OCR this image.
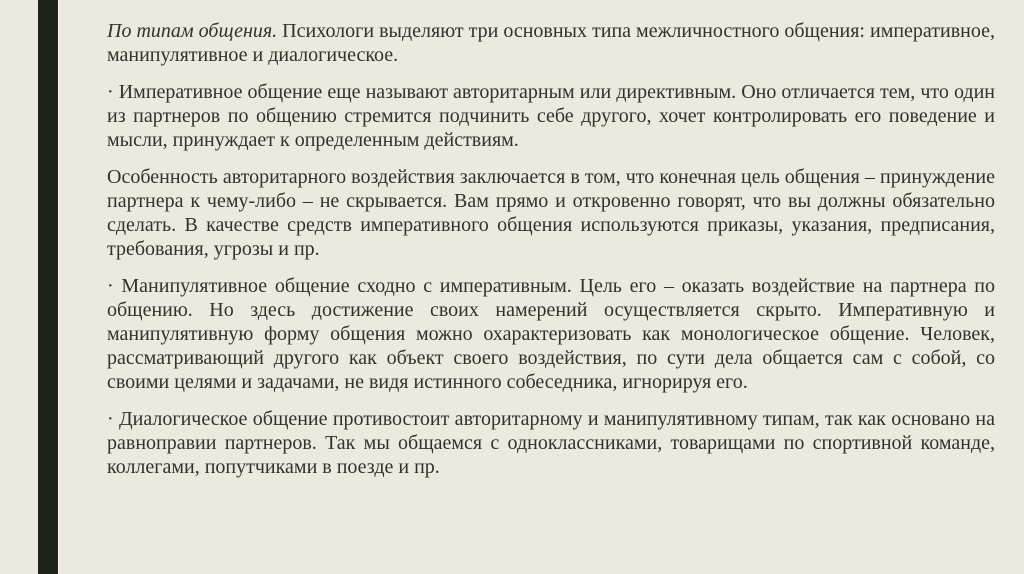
По типам общения. Психологи выделяют три основных типа межличностного общения: императивное, манипулятивное и диалогическое.

· Императивное общение еще называют авторитарным или директивным. Оно отличается тем, что один из партнеров по общению стремится подчинить себе другого, хочет контролировать его поведение и мысли, принуждает к определенным действиям.

Особенность авторитарного воздействия заключается в том, что конечная цель общения – принуждение партнера к чему-либо – не скрывается. Вам прямо и откровенно говорят, что вы должны обязательно сделать. В качестве средств императивного общения используются приказы, указания, предписания, требования, угрозы и пр.

· Манипулятивное общение сходно с императивным. Цель его – оказать воздействие на партнера по общению. Но здесь достижение своих намерений осуществляется скрыто. Императивную и манипулятивную форму общения можно охарактеризовать как монологическое общение. Человек, рассматривающий другого как объект своего воздействия, по сути дела общается сам с собой, со своими целями и задачами, не видя истинного собеседника, игнорируя его.

· Диалогическое общение противостоит авторитарному и манипулятивному типам, так как основано на равноправии партнеров. Так мы общаемся с одноклассниками, товарищами по спортивной команде, коллегами, попутчиками в поезде и пр.
